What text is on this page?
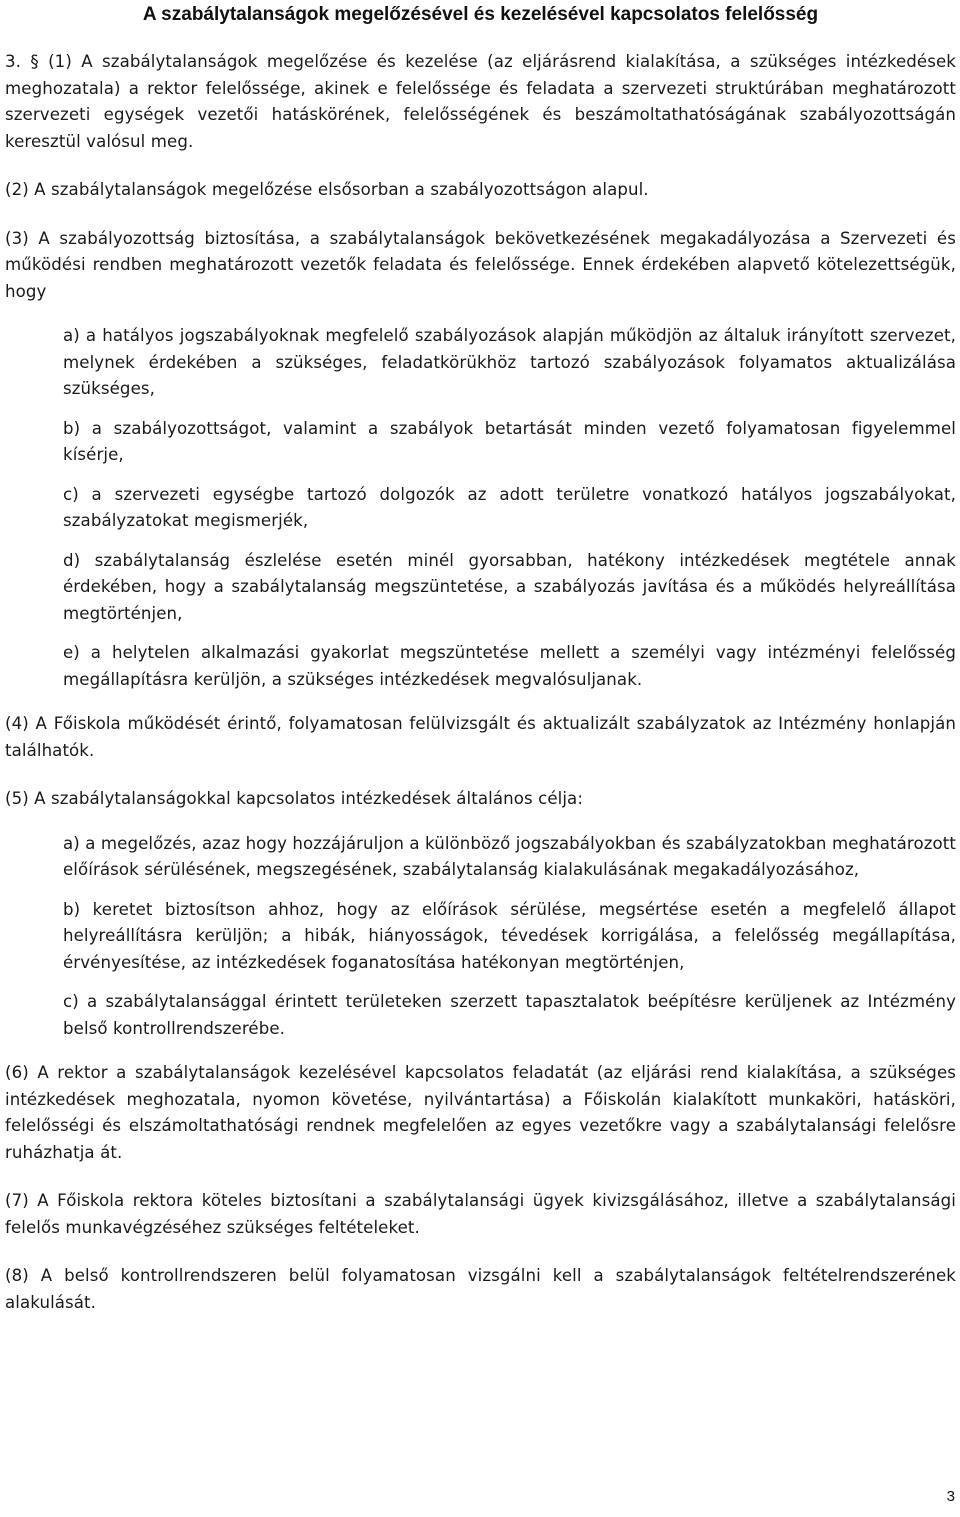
A szabálytalanságok megelőzésével és kezelésével kapcsolatos felelősség

3. § (1) A szabálytalanságok megelőzése és kezelése (az eljárásrend kialakítása, a szükséges intézkedések meghozatala) a rektor felelőssége, akinek e felelőssége és feladata a szervezeti struktúrában meghatározott szervezeti egységek vezetői hatáskörének, felelősségének és beszámoltathatóságának szabályozottságán keresztül valósul meg.

(2) A szabálytalanságok megelőzése elsősorban a szabályozottságon alapul.

(3) A szabályozottság biztosítása, a szabálytalanságok bekövetkezésének megakadályozása a Szervezeti és működési rendben meghatározott vezetők feladata és felelőssége. Ennek érdekében alapvető kötelezettségük, hogy

a) a hatályos jogszabályoknak megfelelő szabályozások alapján működjön az általuk irányított szervezet, melynek érdekében a szükséges, feladatkörükhöz tartozó szabályozások folyamatos aktualizálása szükséges,

b) a szabályozottságot, valamint a szabályok betartását minden vezető folyamatosan figyelemmel kísérje,

c) a szervezeti egységbe tartozó dolgozók az adott területre vonatkozó hatályos jogszabályokat, szabályzatokat megismerjék,

d) szabálytalanság észlelése esetén minél gyorsabban, hatékony intézkedések megtétele annak érdekében, hogy a szabálytalanság megszüntetése, a szabályozás javítása és a működés helyreállítása megtörténjen,

e) a helytelen alkalmazási gyakorlat megszüntetése mellett a személyi vagy intézményi felelősség megállapításra kerüljön, a szükséges intézkedések megvalósuljanak.

(4) A Főiskola működését érintő, folyamatosan felülvizsgált és aktualizált szabályzatok az Intézmény honlapján találhatók.

(5) A szabálytalanságokkal kapcsolatos intézkedések általános célja:

a) a megelőzés, azaz hogy hozzájáruljon a különböző jogszabályokban és szabályzatokban meghatározott előírások sérülésének, megszegésének, szabálytalanság kialakulásának megakadályozásához,

b) keretet biztosítson ahhoz, hogy az előírások sérülése, megsértése esetén a megfelelő állapot helyreállításra kerüljön; a hibák, hiányosságok, tévedések korrigálása, a felelősség megállapítása, érvényesítése, az intézkedések foganatosítása hatékonyan megtörténjen,

c) a szabálytalansággal érintett területeken szerzett tapasztalatok beépítésre kerüljenek az Intézmény belső kontrollrendszerébe.

(6) A rektor a szabálytalanságok kezelésével kapcsolatos feladatát (az eljárási rend kialakítása, a szükséges intézkedések meghozatala, nyomon követése, nyilvántartása) a Főiskolán kialakított munkaköri, hatásköri, felelősségi és elszámoltathatósági rendnek megfelelően az egyes vezetőkre vagy a szabálytalansági felelősre ruházhatja át.

(7) A Főiskola rektora köteles biztosítani a szabálytalansági ügyek kivizsgálásához, illetve a szabálytalansági felelős munkavégzéséhez szükséges feltételeket.

(8) A belső kontrollrendszeren belül folyamatosan vizsgálni kell a szabálytalanságok feltételrendszerének alakulását.

3
